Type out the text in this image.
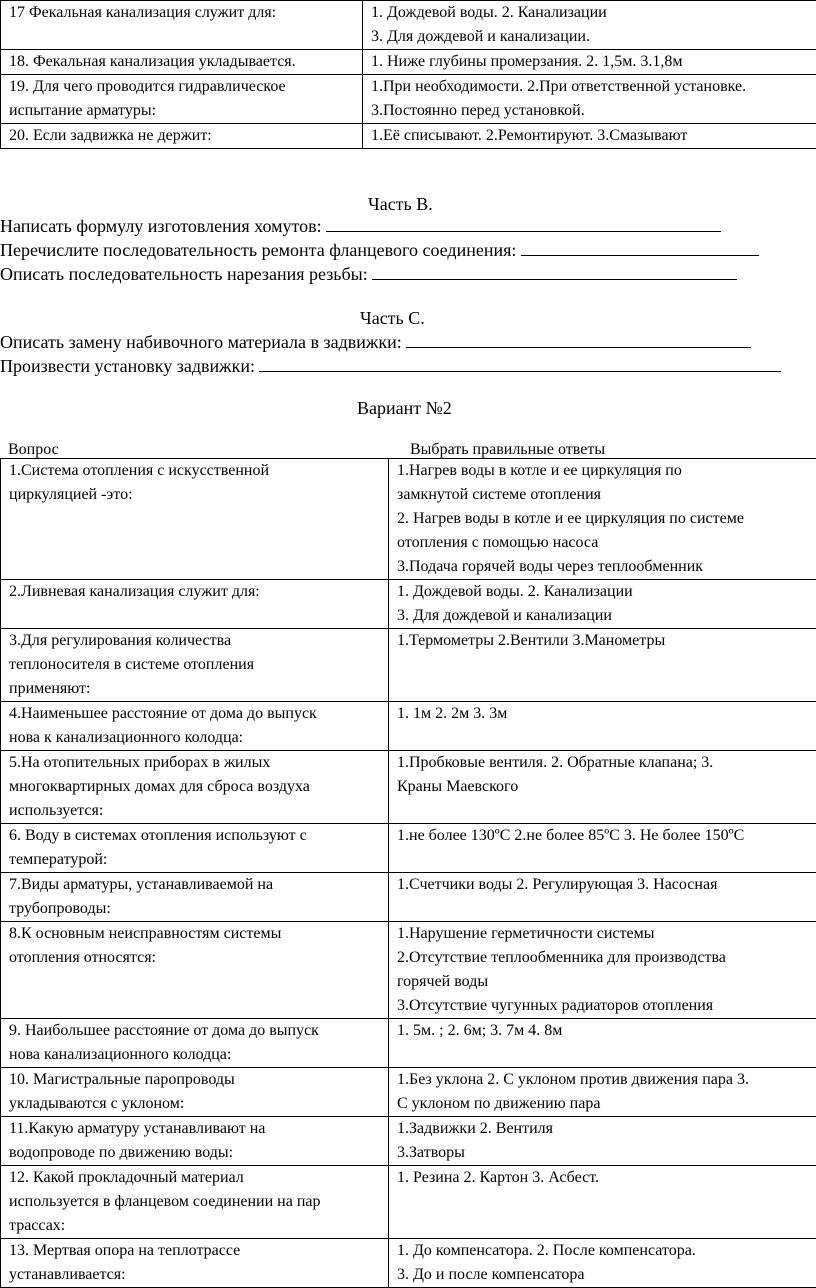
17 Фекальная канализация служит для:	1. Дождевой воды. 2. Канализации
3. Для дождевой и канализации.

18. Фекальная канализация укладывается.	1. Ниже глубины промерзания. 2. 1,5м. 3.1,8м

19. Для чего проводится гидравлическое
испытание арматуры:	1.При необходимости. 2.При ответственной установке.
3.Постоянно перед установкой.

20. Если задвижка не держит:	1.Её списывают. 2.Ремонтируют. 3.Смазывают
Часть В.
Написать формулу изготовления хомутов:
Перечислите последовательность ремонта фланцевого соединения:
Описать последовательность нарезания резьбы:
Часть С.
Описать замену набивочного материала в задвижки:
Произвести установку задвижки:
Вариант №2
Вопрос	Выбрать правильные ответы
1.Система отопления с искусственной
циркуляцией -это:	1.Нагрев воды в котле и ее циркуляция по
замкнутой системе отопления
2. Нагрев воды в котле и ее циркуляция по системе
отопления с помощью насоса
3.Подача горячей воды через теплообменник

2.Ливневая канализация служит для:	1. Дождевой воды. 2. Канализации
3. Для дождевой и канализации

3.Для регулирования количества
теплоносителя в системе отопления
применяют:	1.Термометры 2.Вентили 3.Манометры

4.Наименьшее расстояние от дома до выпуск
нова к канализационного колодца:	1. 1м 2. 2м 3. 3м

5.На отопительных приборах в жилых
многоквартирных домах для сброса воздуха
используется:	1.Пробковые вентиля. 2. Обратные клапана; 3.
Краны Маевского

6. Воду в системах отопления используют с
температурой:	1.не более 130ºС 2.не более 85ºС 3. Не более 150ºС

7.Виды арматуры, устанавливаемой на
трубопроводы:	1.Счетчики воды 2. Регулирующая 3. Насосная

8.К основным неисправностям системы
отопления относятся:	1.Нарушение герметичности системы
2.Отсутствие теплообменника для производства
горячей воды
3.Отсутствие чугунных радиаторов отопления

9. Наибольшее расстояние от дома до выпуск
нова канализационного колодца:	1. 5м. ; 2. 6м; 3. 7м 4. 8м

10. Магистральные паропроводы
укладываются с уклоном:	1.Без уклона 2. С уклоном против движения пара 3.
С уклоном по движению пара

11.Какую арматуру устанавливают на
водопроводе по движению воды:	1.Задвижки 2. Вентиля
3.Затворы

12. Какой прокладочный материал
используется в фланцевом соединении на пар
трассах:	1. Резина 2. Картон 3. Асбест.

13. Мертвая опора на теплотрассе
устанавливается:	1. До компенсатора. 2. После компенсатора.
3. До и после компенсатора
